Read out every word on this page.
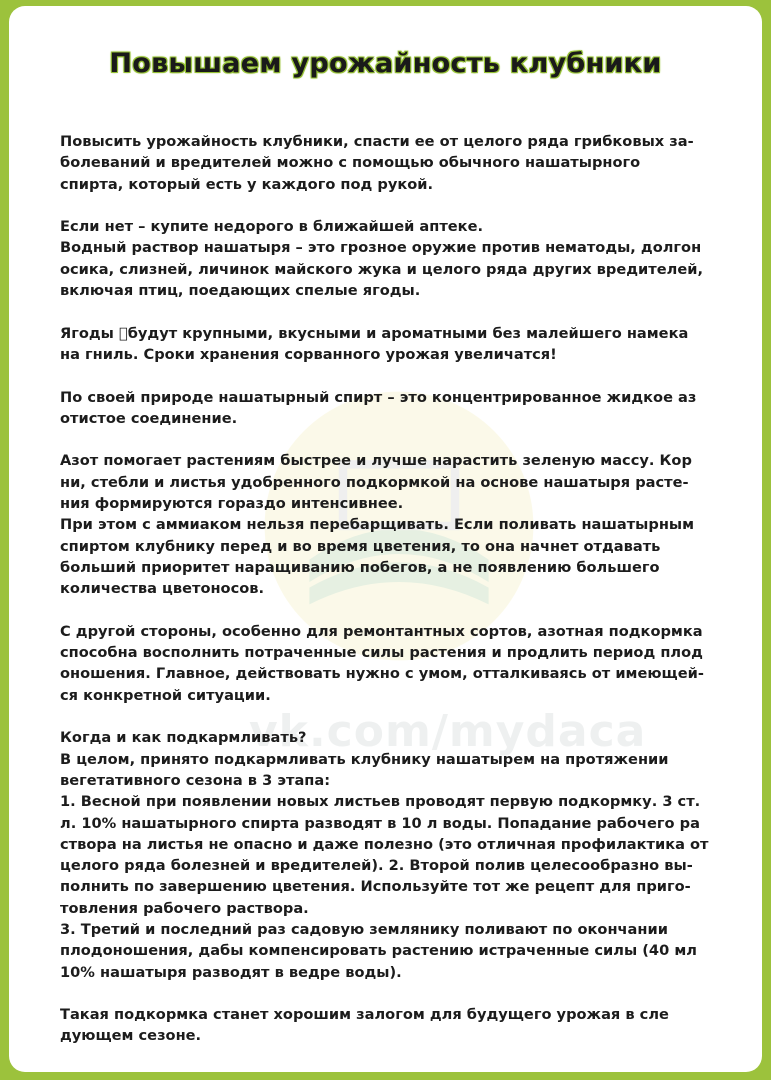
vk.com/mydaca
Повышаем урожайность клубники

Повысить урожайность клубники, спасти ее от целого ряда грибковых за-
болеваний и вредителей можно с помощью обычного нашатырного
спирта, который есть у каждого под рукой.

Если нет – купите недорого в ближайшей аптеке.
Водный раствор нашатыря – это грозное оружие против нематоды, долгон
осика, слизней, личинок майского жука и целого ряда других вредителей,
включая птиц, поедающих спелые ягоды.

Ягоды  будут крупными, вкусными и ароматными без малейшего намека
на гниль. Сроки хранения сорванного урожая увеличатся!

По своей природе нашатырный спирт – это концентрированное жидкое аз
отистое соединение.

Азот помогает растениям быстрее и лучше нарастить зеленую массу. Кор
ни, стебли и листья удобренного подкормкой на основе нашатыря расте-
ния формируются гораздо интенсивнее.
При этом с аммиаком нельзя перебарщивать. Если поливать нашатырным
спиртом клубнику перед и во время цветения, то она начнет отдавать
больший приоритет наращиванию побегов, а не появлению большего
количества цветоносов.

С другой стороны, особенно для ремонтантных сортов, азотная подкормка
способна восполнить потраченные силы растения и продлить период плод
оношения. Главное, действовать нужно с умом, отталкиваясь от имеющей-
ся конкретной ситуации.

Когда и как подкармливать?
В целом, принято подкармливать клубнику нашатырем на протяжении
вегетативного сезона в 3 этапа:
1. Весной при появлении новых листьев проводят первую подкормку. 3 ст.
л. 10% нашатырного спирта разводят в 10 л воды. Попадание рабочего ра
створа на листья не опасно и даже полезно (это отличная профилактика от
целого ряда болезней и вредителей). 2. Второй полив целесообразно вы-
полнить по завершению цветения. Используйте тот же рецепт для приго-
товления рабочего раствора.
3. Третий и последний раз садовую землянику поливают по окончании
плодоношения, дабы компенсировать растению истраченные силы (40 мл
10% нашатыря разводят в ведре воды).

Такая подкормка станет хорошим залогом для будущего урожая в сле
дующем сезоне.
